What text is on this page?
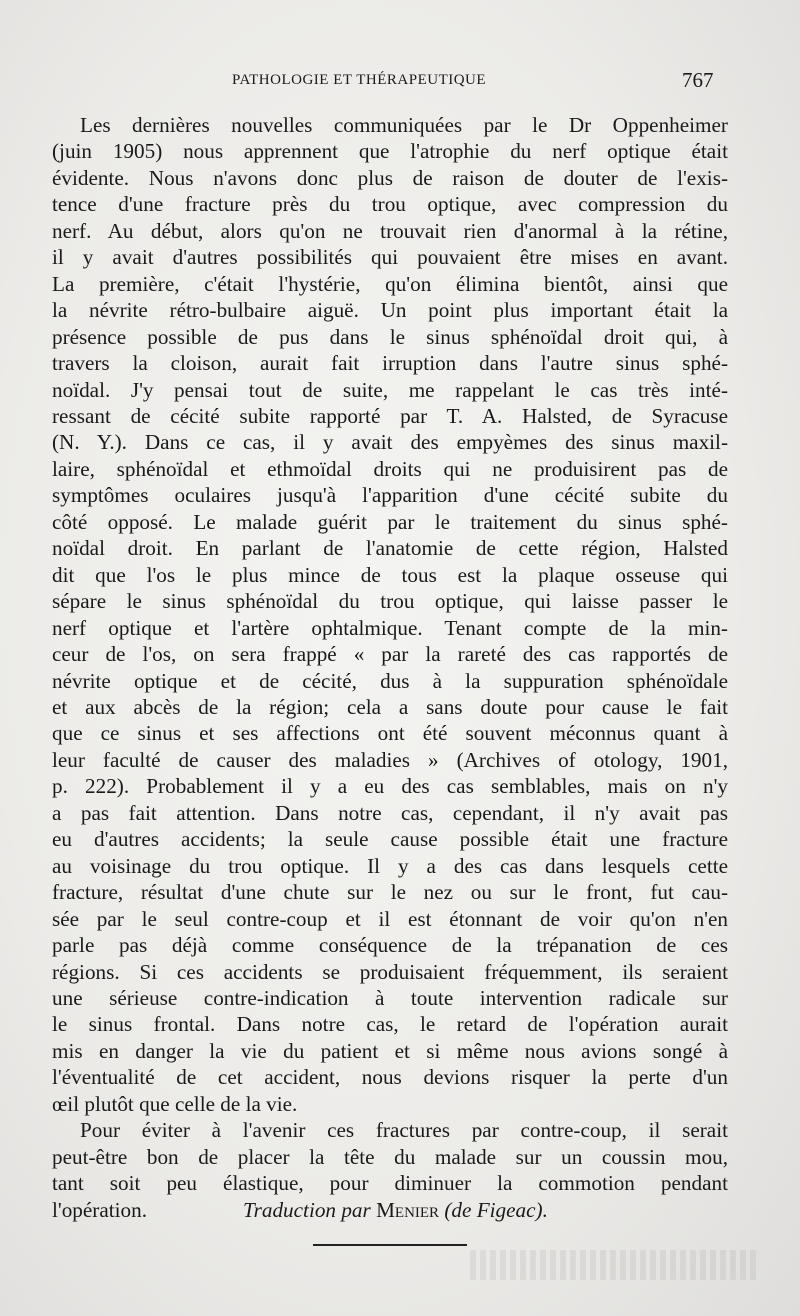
PATHOLOGIE ET THÉRAPEUTIQUE	767
Les dernières nouvelles communiquées par le Dr Oppenheimer
(juin 1905) nous apprennent que l'atrophie du nerf optique était
évidente. Nous n'avons donc plus de raison de douter de l'exis-
tence d'une fracture près du trou optique, avec compression du
nerf. Au début, alors qu'on ne trouvait rien d'anormal à la rétine,
il y avait d'autres possibilités qui pouvaient être mises en avant.
La première, c'était l'hystérie, qu'on élimina bientôt, ainsi que
la névrite rétro-bulbaire aiguë. Un point plus important était la
présence possible de pus dans le sinus sphénoïdal droit qui, à
travers la cloison, aurait fait irruption dans l'autre sinus sphé-
noïdal. J'y pensai tout de suite, me rappelant le cas très inté-
ressant de cécité subite rapporté par T. A. Halsted, de Syracuse
(N. Y.). Dans ce cas, il y avait des empyèmes des sinus maxil-
laire, sphénoïdal et ethmoïdal droits qui ne produisirent pas de
symptômes oculaires jusqu'à l'apparition d'une cécité subite du
côté opposé. Le malade guérit par le traitement du sinus sphé-
noïdal droit. En parlant de l'anatomie de cette région, Halsted
dit que l'os le plus mince de tous est la plaque osseuse qui
sépare le sinus sphénoïdal du trou optique, qui laisse passer le
nerf optique et l'artère ophtalmique. Tenant compte de la min-
ceur de l'os, on sera frappé « par la rareté des cas rapportés de
névrite optique et de cécité, dus à la suppuration sphénoïdale
et aux abcès de la région; cela a sans doute pour cause le fait
que ce sinus et ses affections ont été souvent méconnus quant à
leur faculté de causer des maladies » (Archives of otology, 1901,
p. 222). Probablement il y a eu des cas semblables, mais on n'y
a pas fait attention. Dans notre cas, cependant, il n'y avait pas
eu d'autres accidents; la seule cause possible était une fracture
au voisinage du trou optique. Il y a des cas dans lesquels cette
fracture, résultat d'une chute sur le nez ou sur le front, fut cau-
sée par le seul contre-coup et il est étonnant de voir qu'on n'en
parle pas déjà comme conséquence de la trépanation de ces
régions. Si ces accidents se produisaient fréquemment, ils seraient
une sérieuse contre-indication à toute intervention radicale sur
le sinus frontal. Dans notre cas, le retard de l'opération aurait
mis en danger la vie du patient et si même nous avions songé à
l'éventualité de cet accident, nous devions risquer la perte d'un
œil plutôt que celle de la vie.
Pour éviter à l'avenir ces fractures par contre-coup, il serait
peut-être bon de placer la tête du malade sur un coussin mou,
tant soit peu élastique, pour diminuer la commotion pendant
l'opération.	Traduction par Menier (de Figeac).
